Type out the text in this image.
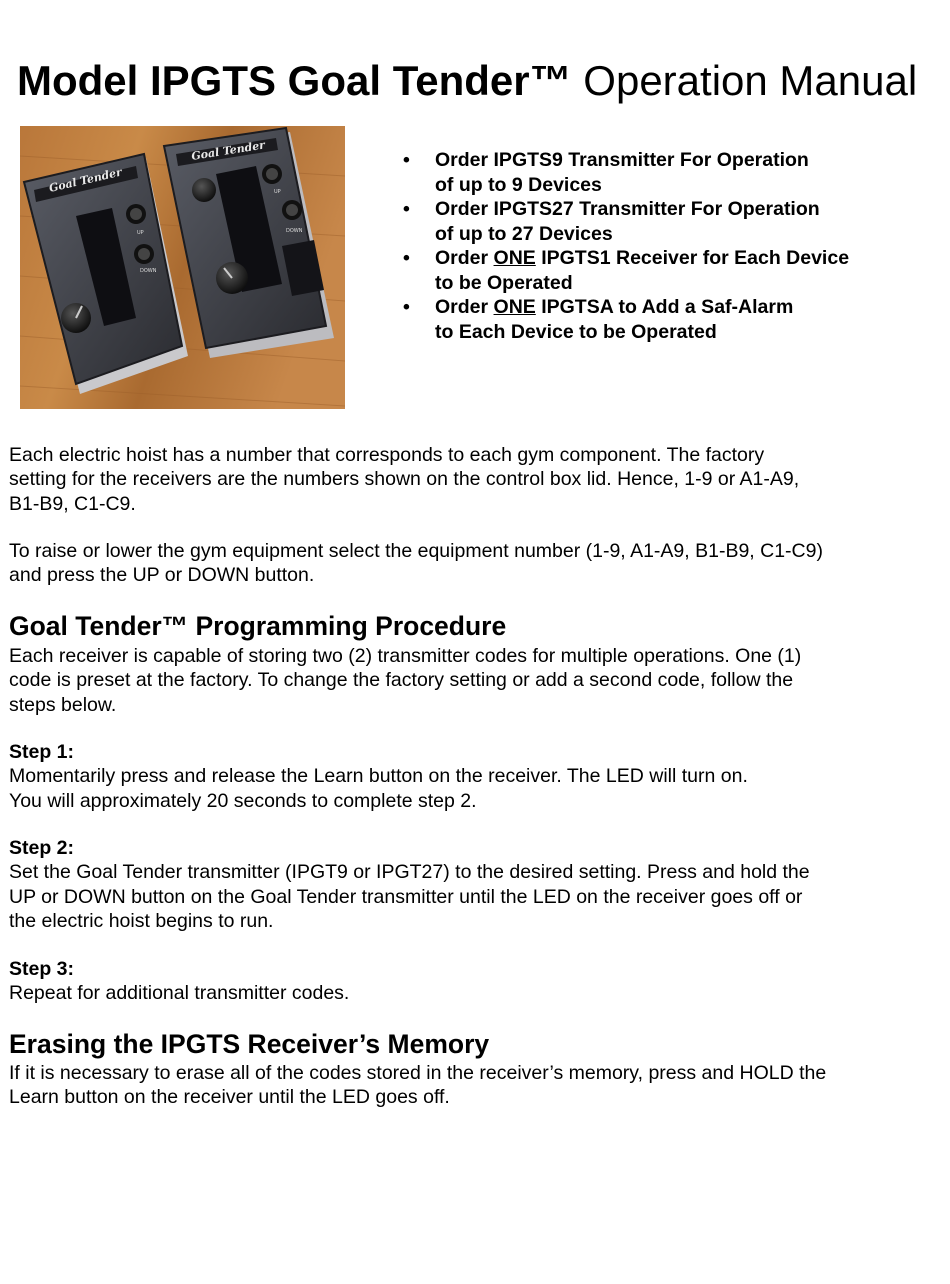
Model IPGTS Goal Tender™ Operation Manual
Goal Tender
UP
DOWN
Goal Tender
UP
DOWN
• Order IPGTS9 Transmitter For Operation
of up to 9 Devices
• Order IPGTS27 Transmitter For Operation
of up to 27 Devices
• Order ONE IPGTS1 Receiver for Each Device
to be Operated
• Order ONE IPGTSA to Add a Saf-Alarm
to Each Device to be Operated

Each electric hoist has a number that corresponds to each gym component. The factory
setting for the receivers are the numbers shown on the control box lid. Hence, 1-9 or A1-A9,
B1-B9, C1-C9.

To raise or lower the gym equipment select the equipment number (1-9, A1-A9, B1-B9, C1-C9)
and press the UP or DOWN button.

Goal Tender™ Programming Procedure

Each receiver is capable of storing two (2) transmitter codes for multiple operations. One (1)
code is preset at the factory. To change the factory setting or add a second code, follow the
steps below.

Step 1:
Momentarily press and release the Learn button on the receiver. The LED will turn on.
You will approximately 20 seconds to complete step 2.

Step 2:
Set the Goal Tender transmitter (IPGT9 or IPGT27) to the desired setting. Press and hold the
UP or DOWN button on the Goal Tender transmitter until the LED on the receiver goes off or
the electric hoist begins to run.

Step 3:
Repeat for additional transmitter codes.

Erasing the IPGTS Receiver’s Memory

If it is necessary to erase all of the codes stored in the receiver’s memory, press and HOLD the
Learn button on the receiver until the LED goes off.
